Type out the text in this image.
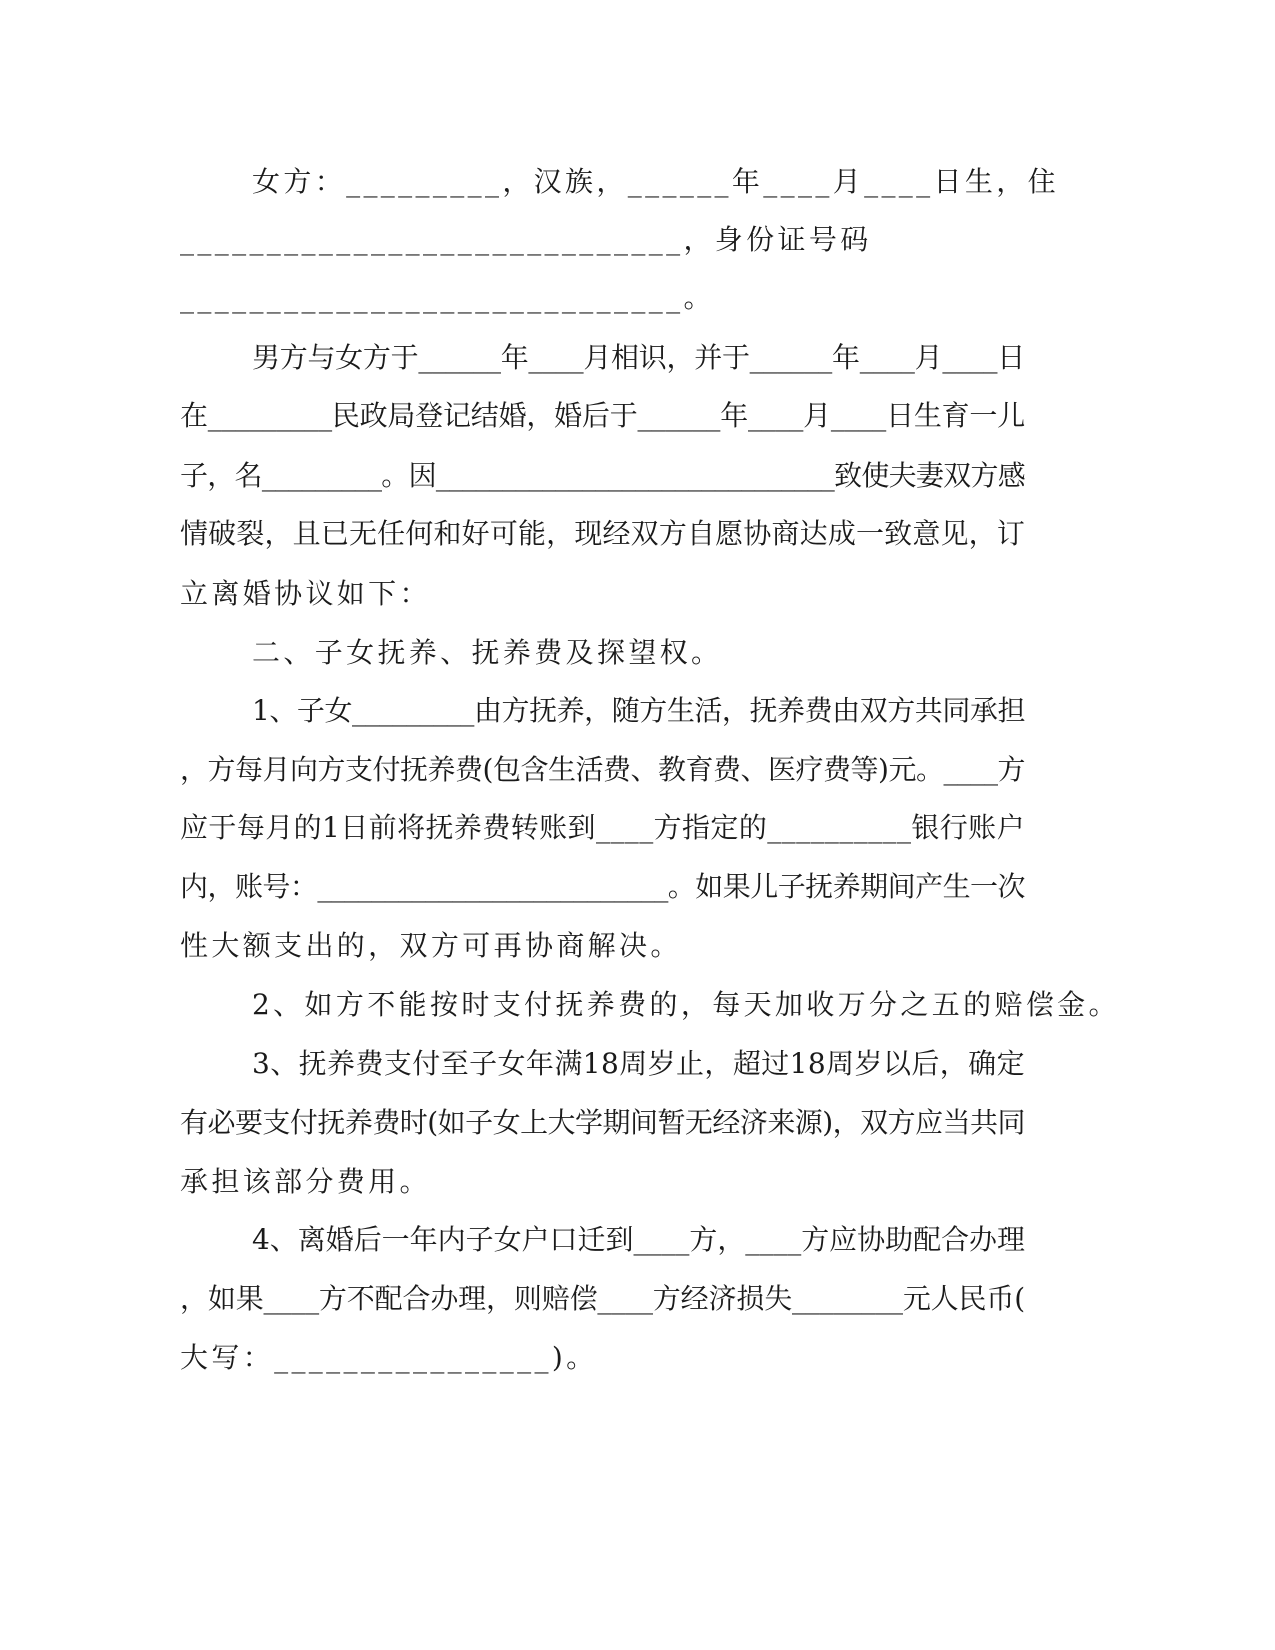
女方：_________，汉族，______年____月____日生，住
_____________________________，身份证号码
_____________________________。
男方与女方于______年____月相识，并于______年____月____日
在_________民政局登记结婚，婚后于______年____月____日生育一儿
子，名_________。因______________________________致使夫妻双方感
情破裂，且已无任何和好可能，现经双方自愿协商达成一致意见，订
立离婚协议如下：
二、子女抚养、抚养费及探望权。
1、子女_________由方抚养，随方生活，抚养费由双方共同承担
，方每月向方支付抚养费(包含生活费、教育费、医疗费等)元。____方
应于每月的1日前将抚养费转账到____方指定的__________银行账户
内，账号：__________________________。如果儿子抚养期间产生一次
性大额支出的，双方可再协商解决。
2、如方不能按时支付抚养费的，每天加收万分之五的赔偿金。
3、抚养费支付至子女年满18周岁止，超过18周岁以后，确定
有必要支付抚养费时(如子女上大学期间暂无经济来源)，双方应当共同
承担该部分费用。
4、离婚后一年内子女户口迁到____方，____方应协助配合办理
，如果____方不配合办理，则赔偿____方经济损失________元人民币(
大写：________________)。
